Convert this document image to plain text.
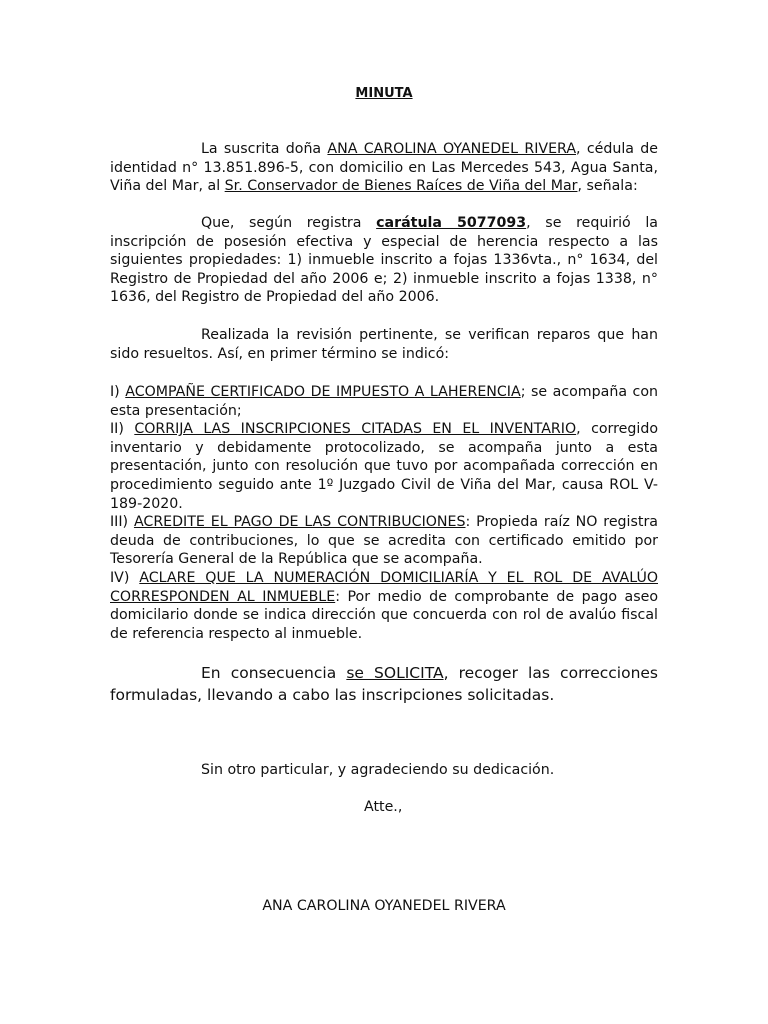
MINUTA

La suscrita doña ANA CAROLINA OYANEDEL RIVERA, cédula de identidad n° 13.851.896-5, con domicilio en Las Mercedes 543, Agua Santa, Viña del Mar, al Sr. Conservador de Bienes Raíces de Viña del Mar, señala:

Que, según registra carátula 5077093, se requirió la inscripción de posesión efectiva y especial de herencia respecto a las siguientes propiedades: 1) inmueble inscrito a fojas 1336vta., n° 1634, del Registro de Propiedad del año 2006 e; 2) inmueble inscrito a fojas 1338, n° 1636, del Registro de Propiedad del año 2006.

Realizada la revisión pertinente, se verifican reparos que han sido resueltos. Así, en primer término se indicó:

I) ACOMPAÑE CERTIFICADO DE IMPUESTO A LAHERENCIA; se acompaña con esta presentación;

II) CORRIJA LAS INSCRIPCIONES CITADAS EN EL INVENTARIO, corregido inventario y debidamente protocolizado, se acompaña junto a esta presentación, junto con resolución que tuvo por acompañada corrección en procedimiento seguido ante 1º Juzgado Civil de Viña del Mar, causa ROL V-189-2020.

III) ACREDITE EL PAGO DE LAS CONTRIBUCIONES: Propieda raíz NO registra deuda de contribuciones, lo que se acredita con certificado emitido por Tesorería General de la República que se acompaña.

IV) ACLARE QUE LA NUMERACIÓN DOMICILIARÍA Y EL ROL DE AVALÚO CORRESPONDEN AL INMUEBLE: Por medio de comprobante de pago aseo domicilario donde se indica dirección que concuerda con rol de avalúo fiscal de referencia respecto al inmueble.

En consecuencia se SOLICITA, recoger las correcciones formuladas, llevando a cabo las inscripciones solicitadas.

Sin otro particular, y agradeciendo su dedicación.
Atte.,
ANA CAROLINA OYANEDEL RIVERA
